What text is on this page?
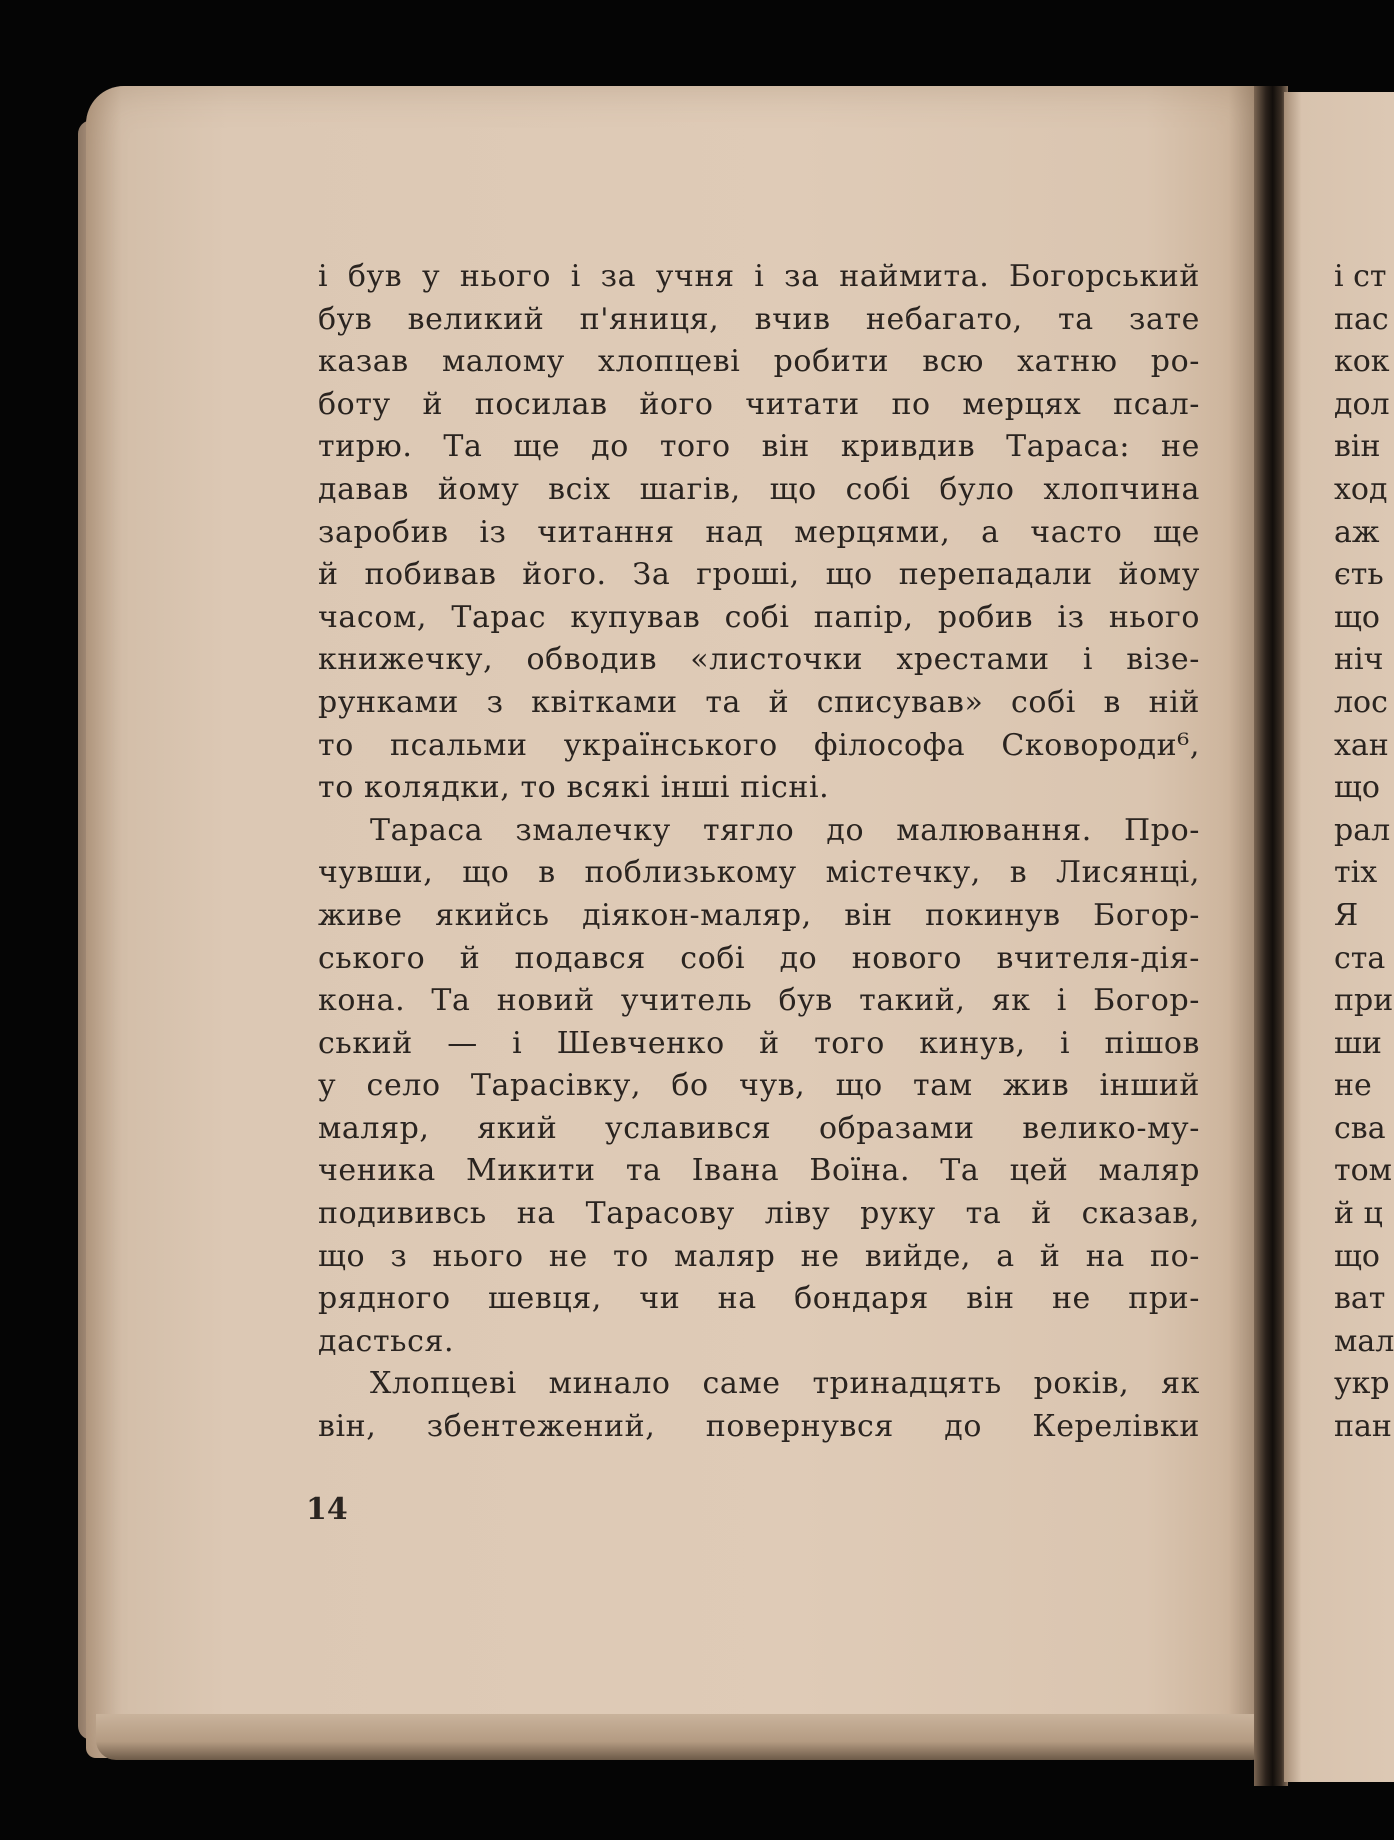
і був у нього і за учня і за наймита. Богорський
був великий п'яниця, вчив небагато, та зате
казав малому хлопцеві робити всю хатню ро-
боту й посилав його читати по мерцях псал-
тирю. Та ще до того він кривдив Тараса: не
давав йому всіх шагів, що собі було хлопчина
заробив із читання над мерцями, а часто ще
й побивав його. За гроші, що перепадали йому
часом, Тарас купував собі папір, робив із нього
книжечку, обводив «листочки хрестами і візе-
рунками з квітками та й списував» собі в ній
то псальми українського філософа Сковороди⁶,
то колядки, то всякі інші пісні.
Тараса змалечку тягло до малювання. Про-
чувши, що в поблизькому містечку, в Лисянці,
живе якийсь діякон-маляр, він покинув Богор-
ського й подався собі до нового вчителя-дія-
кона. Та новий учитель був такий, як і Богор-
ський — і Шевченко й того кинув, і пішов
у село Тарасівку, бо чув, що там жив інший
маляр, який уславився образами велико-му-
ченика Микити та Івана Воїна. Та цей маляр
подививсь на Тарасову ліву руку та й сказав,
що з нього не то маляр не вийде, а й на по-
рядного шевця, чи на бондаря він не при-
дасться.
Хлопцеві минало саме тринадцять років, як
він, збентежений, повернувся до Керелівки
14
і ст
пас
кок
дол
він
ход
аж
єть
що
ніч
лос
хан
що
рал
тіх
Я
ста
при
ши
не
сва
том
й ц
що
ват
мал
укр
пан
